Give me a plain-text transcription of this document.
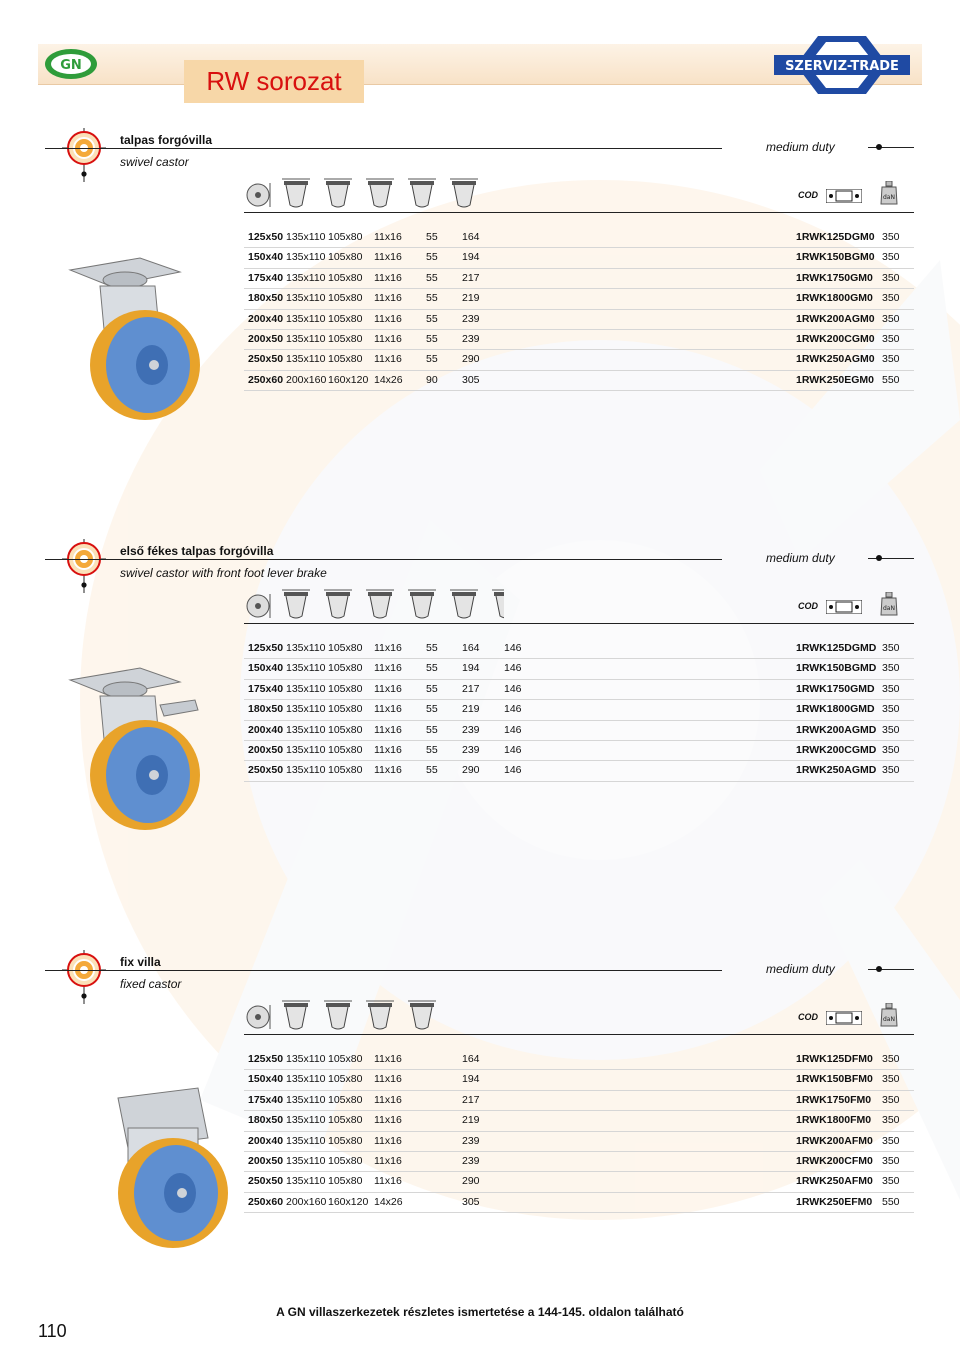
GN
RW sorozat	SZERVIZ-TRADE
talpas forgóvilla
swivel castor
medium duty
COD	daN
125x50 135x110 105x80 11x16 55 164	1RWK125DGM0 350
150x40 135x110 105x80 11x16 55 194	1RWK150BGM0 350
175x40 135x110 105x80 11x16 55 217	1RWK1750GM0 350
180x50 135x110 105x80 11x16 55 219	1RWK1800GM0 350
200x40 135x110 105x80 11x16 55 239	1RWK200AGM0 350
200x50 135x110 105x80 11x16 55 239	1RWK200CGM0 350
250x50 135x110 105x80 11x16 55 290	1RWK250AGM0 350
250x60 200x160 160x120 14x26 90 305	1RWK250EGM0 550
első fékes talpas forgóvilla
swivel castor with front foot lever brake
medium duty
COD	daN
125x50 135x110 105x80 11x16 55 164 146	1RWK125DGMD 350
150x40 135x110 105x80 11x16 55 194 146	1RWK150BGMD 350
175x40 135x110 105x80 11x16 55 217 146	1RWK1750GMD 350
180x50 135x110 105x80 11x16 55 219 146	1RWK1800GMD 350
200x40 135x110 105x80 11x16 55 239 146	1RWK200AGMD 350
200x50 135x110 105x80 11x16 55 239 146	1RWK200CGMD 350
250x50 135x110 105x80 11x16 55 290 146	1RWK250AGMD 350
fix villa
fixed castor
medium duty
COD	daN
125x50 135x110 105x80 11x16	164	1RWK125DFM0 350
150x40 135x110 105x80 11x16	194	1RWK150BFM0 350
175x40 135x110 105x80 11x16	217	1RWK1750FM0 350
180x50 135x110 105x80 11x16	219	1RWK1800FM0 350
200x40 135x110 105x80 11x16	239	1RWK200AFM0 350
200x50 135x110 105x80 11x16	239	1RWK200CFM0 350
250x50 135x110 105x80 11x16	290	1RWK250AFM0 350
250x60 200x160 160x120 14x26	305	1RWK250EFM0 550
A GN villaszerkezetek részletes ismertetése a 144-145. oldalon található
110
